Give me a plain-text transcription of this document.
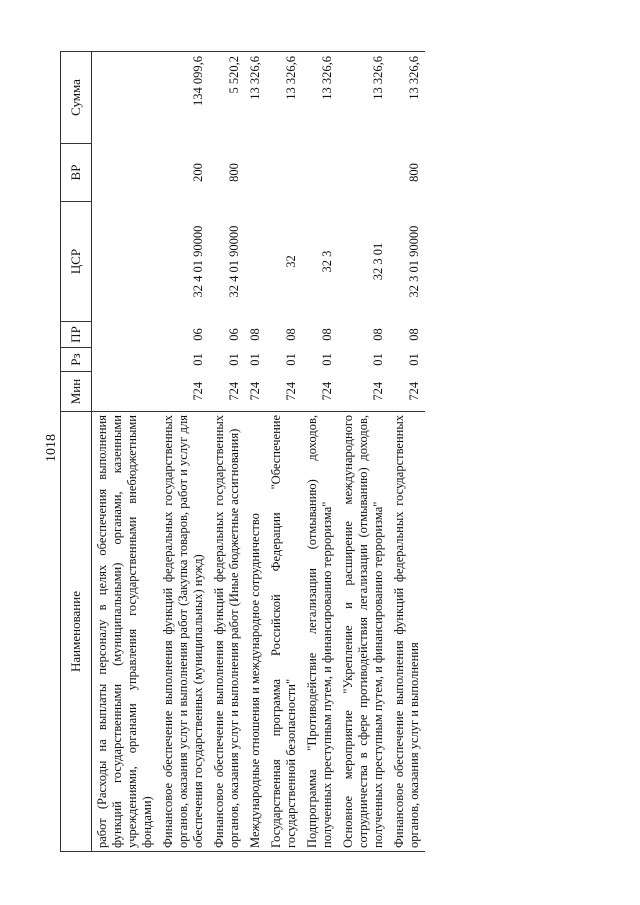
1018
Наименование	Мин	Рз	ПР	ЦСР	ВР	Сумма
работ (Расходы на выплаты персоналу в целях обеспечения выполнения функций государственными (муниципальными) органами, казенными учреждениями, органами управления государственными внебюджетными фондами)						
Финансовое обеспечение выполнения функций федеральных государственных органов, оказания услуг и выполнения работ (Закупка товаров, работ и услуг для обеспечения государственных (муниципальных) нужд)	724	01	06	32 4 01 90000	200	134 099,6
Финансовое обеспечение выполнения функций федеральных государственных органов, оказания услуг и выполнения работ (Иные бюджетные ассигнования)	724	01	06	32 4 01 90000	800	5 520,2
Международные отношения и международное сотрудничество	724	01	08			13 326,6
Государственная программа Российской Федерации "Обеспечение государственной безопасности"	724	01	08	32		13 326,6
Подпрограмма "Противодействие легализации (отмыванию) доходов, полученных преступным путем, и финансированию терроризма"	724	01	08	32 3		13 326,6
Основное мероприятие "Укрепление и расширение международного сотрудничества в сфере противодействия легализации (отмыванию) доходов, полученных преступным путем, и финансированию терроризма"	724	01	08	32 3 01		13 326,6
Финансовое обеспечение выполнения функций федеральных государственных органов, оказания услуг и выполнения	724	01	08	32 3 01 90000	800	13 326,6
